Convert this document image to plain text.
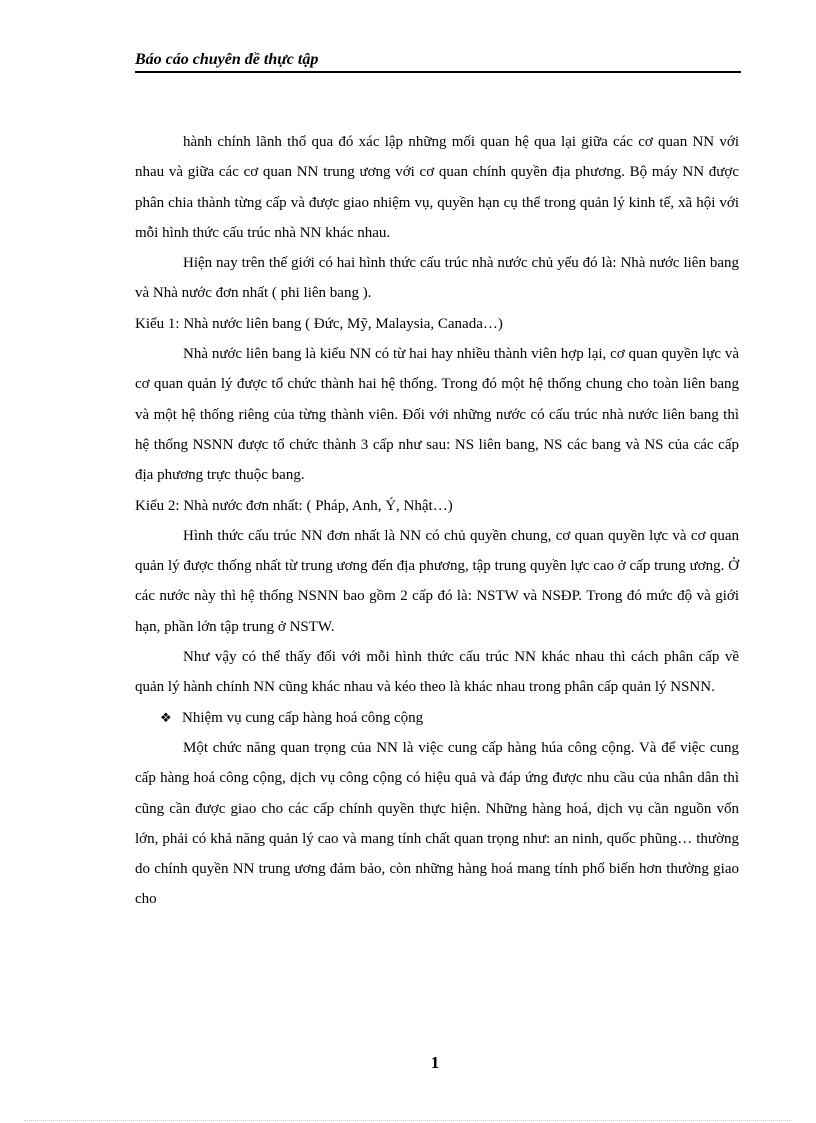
Báo cáo chuyên đề thực tập

hành chính lãnh thổ qua đó xác lập những mối quan hệ qua lại giữa các cơ quan NN với nhau và giữa các cơ quan NN trung ương với cơ quan chính quyền địa phương. Bộ máy NN được phân chia thành từng cấp và được giao nhiệm vụ, quyền hạn cụ thể trong quản lý kinh tế, xã hội với mỗi hình thức cấu trúc nhà NN khác nhau.

Hiện nay trên thế giới có hai hình thức cấu trúc nhà nước chủ yếu đó là: Nhà nước liên bang và Nhà nước đơn nhất ( phi liên bang ).

Kiểu 1: Nhà nước liên bang ( Đức, Mỹ, Malaysia, Canada…)

Nhà nước liên bang là kiểu NN có từ hai hay nhiều thành viên hợp lại, cơ quan quyền lực và cơ quan quản lý được tổ chức thành hai hệ thống. Trong đó một hệ thống chung cho toàn liên bang và một hệ thống riêng của từng thành viên. Đối với những nước có cấu trúc nhà nước liên bang thì hệ thống NSNN được tổ chức thành 3 cấp như sau: NS liên bang, NS các bang và NS của các cấp địa phương trực thuộc bang.

Kiểu 2: Nhà nước đơn nhất: ( Pháp, Anh, Ý, Nhật…)

Hình thức cấu trúc NN đơn nhất là NN có chủ quyền chung, cơ quan quyền lực và cơ quan quản lý được thống nhất từ trung ương đến địa phương, tập trung quyền lực cao ở cấp trung ương. Ở các nước này thì hệ thống NSNN bao gồm 2 cấp đó là: NSTW và NSĐP. Trong đó mức độ và giới hạn, phần lớn tập trung ở NSTW.

Như vậy có thể thấy đối với mỗi hình thức cấu trúc NN khác nhau thì cách phân cấp về quản lý hành chính NN cũng khác nhau và kéo theo là khác nhau trong phân cấp quản lý NSNN.

❖ Nhiệm vụ cung cấp hàng hoá công cộng

Một chức năng quan trọng của NN là việc cung cấp hàng húa công cộng. Và để việc cung cấp hàng hoá công cộng, dịch vụ công cộng có hiệu quả và đáp ứng được nhu cầu của nhân dân thì cũng cần được giao cho các cấp chính quyền thực hiện. Những hàng hoá, dịch vụ cần nguồn vốn lớn, phải có khả năng quản lý cao và mang tính chất quan trọng như: an ninh, quốc phũng… thường do chính quyền NN trung ương đảm bảo, còn những hàng hoá mang tính phổ biến hơn thường giao cho

1
